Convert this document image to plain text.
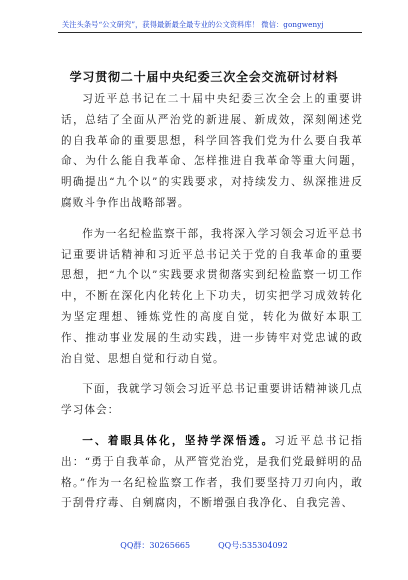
关注头条号“公文研究”，获得最新最全最专业的公文资料库！ 微信：gongwenyj
学习贯彻二十届中央纪委三次全会交流研讨材料

习近平总书记在二十届中央纪委三次全会上的重要讲话，总结了全面从严治党的新进展、新成效，深刻阐述党的自我革命的重要思想，科学回答我们党为什么要自我革命、为什么能自我革命、怎样推进自我革命等重大问题，明确提出“九个以”的实践要求，对持续发力、纵深推进反腐败斗争作出战略部署。

作为一名纪检监察干部，我将深入学习领会习近平总书记重要讲话精神和习近平总书记关于党的自我革命的重要思想，把“九个以”实践要求贯彻落实到纪检监察一切工作中，不断在深化内化转化上下功夫，切实把学习成效转化为坚定理想、锤炼党性的高度自觉，转化为做好本职工作、推动事业发展的生动实践，进一步铸牢对党忠诚的政治自觉、思想自觉和行动自觉。

下面，我就学习领会习近平总书记重要讲话精神谈几点学习体会：

一、着眼具体化，坚持学深悟透。习近平总书记指出：“勇于自我革命，从严管党治党，是我们党最鲜明的品格。”作为一名纪检监察工作者，我们要坚持刀刃向内，敢于刮骨疗毒、自剜腐肉，不断增强自我净化、自我完善、

QQ群：30265665	QQ号:535304092
